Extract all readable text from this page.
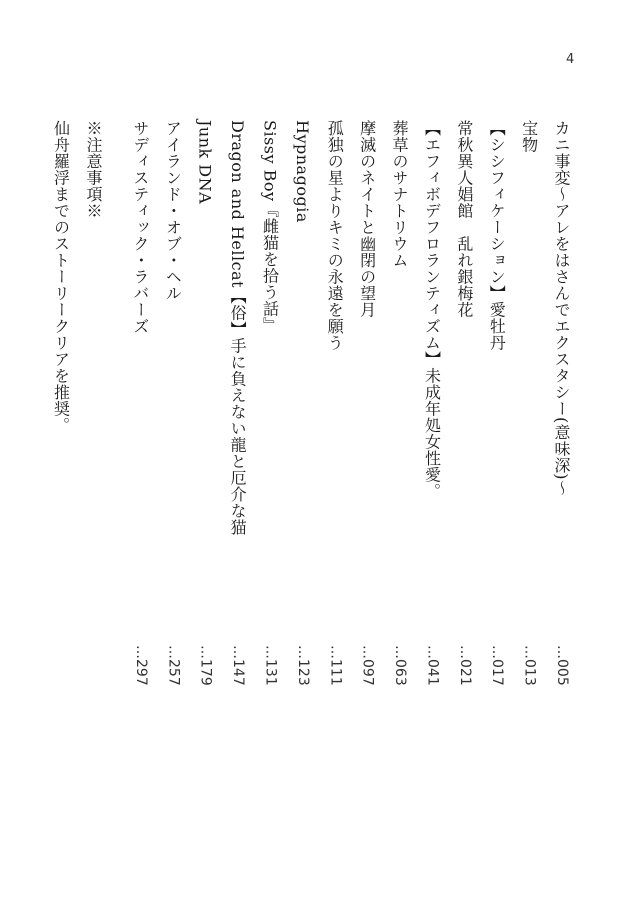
4
カニ事変〜アレをはさんでエクスタシー(意味深)〜
…005
宝物
…013
【シシフィケーション】愛牡丹
…017
常秋異人娼館　乱れ銀梅花
…021
【エフィボデフロランティズム】未成年処女性愛。
…041
葬草のサナトリウム
…063
摩滅のネイトと幽閉の望月
…097
孤独の星よりキミの永遠を願う
…111
Hypnagogia
…123
Sissy Boy『雌猫を拾う話』
…131
Dragon and Hellcat【俗】手に負えない龍と厄介な猫
…147
Junk DNA
…179
アイランド・オブ・ヘル
…257
サディスティック・ラバーズ
…297
※注意事項※
仙舟羅浮までのストーリークリアを推奨。
